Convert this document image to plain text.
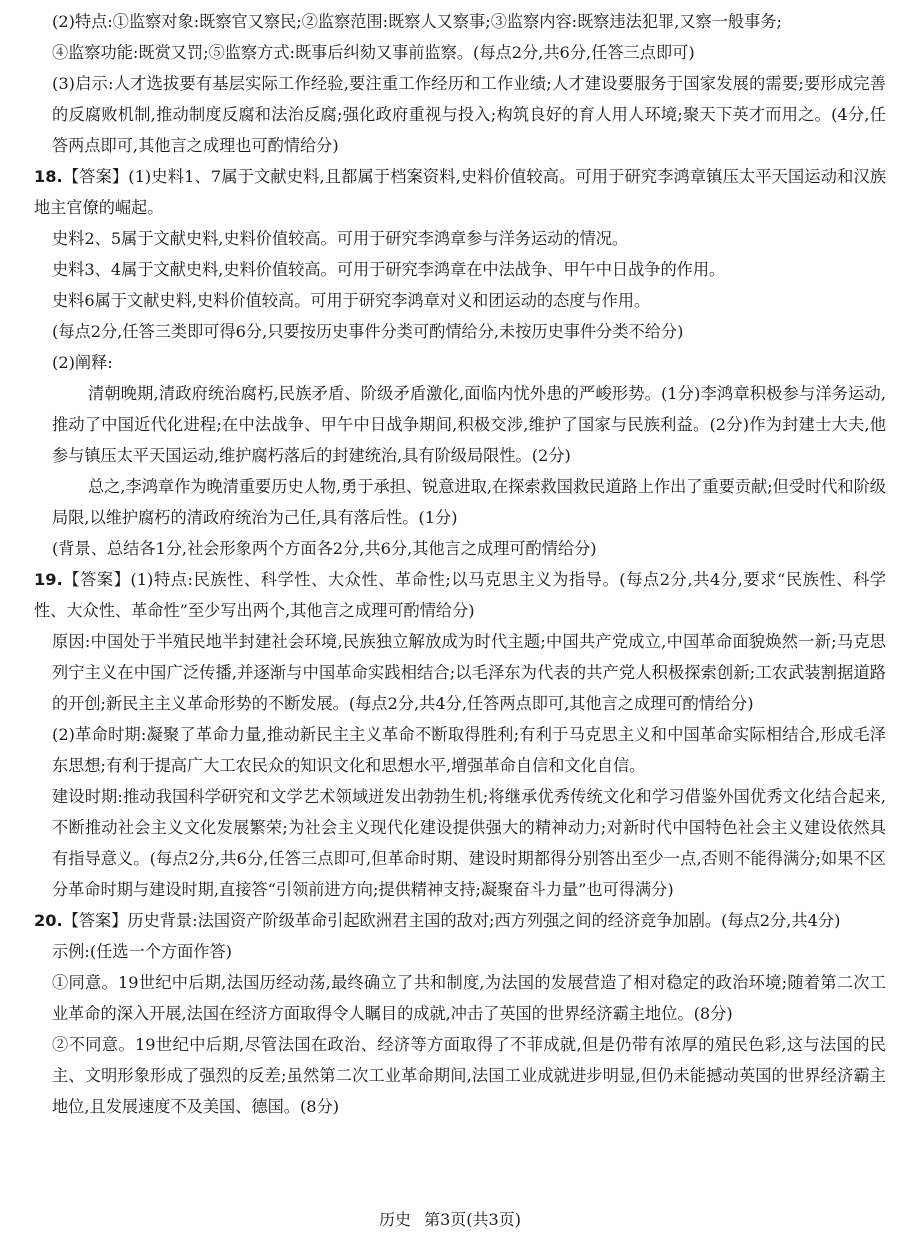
(2)特点:①监察对象:既察官又察民;②监察范围:既察人又察事;③监察内容:既察违法犯罪,又察一般事务;

④监察功能:既赏又罚;⑤监察方式:既事后纠劾又事前监察。(每点2分,共6分,任答三点即可)

(3)启示:人才选拔要有基层实际工作经验,要注重工作经历和工作业绩;人才建设要服务于国家发展的需要;要形成完善的反腐败机制,推动制度反腐和法治反腐;强化政府重视与投入;构筑良好的育人用人环境;聚天下英才而用之。(4分,任答两点即可,其他言之成理也可酌情给分)

18.【答案】(1)史料1、7属于文献史料,且都属于档案资料,史料价值较高。可用于研究李鸿章镇压太平天国运动和汉族地主官僚的崛起。

史料2、5属于文献史料,史料价值较高。可用于研究李鸿章参与洋务运动的情况。

史料3、4属于文献史料,史料价值较高。可用于研究李鸿章在中法战争、甲午中日战争的作用。

史料6属于文献史料,史料价值较高。可用于研究李鸿章对义和团运动的态度与作用。

(每点2分,任答三类即可得6分,只要按历史事件分类可酌情给分,未按历史事件分类不给分)

(2)阐释:

清朝晚期,清政府统治腐朽,民族矛盾、阶级矛盾激化,面临内忧外患的严峻形势。(1分)李鸿章积极参与洋务运动,推动了中国近代化进程;在中法战争、甲午中日战争期间,积极交涉,维护了国家与民族利益。(2分)作为封建士大夫,他参与镇压太平天国运动,维护腐朽落后的封建统治,具有阶级局限性。(2分)

总之,李鸿章作为晚清重要历史人物,勇于承担、锐意进取,在探索救国救民道路上作出了重要贡献;但受时代和阶级局限,以维护腐朽的清政府统治为己任,具有落后性。(1分)

(背景、总结各1分,社会形象两个方面各2分,共6分,其他言之成理可酌情给分)

19.【答案】(1)特点:民族性、科学性、大众性、革命性;以马克思主义为指导。(每点2分,共4分,要求“民族性、科学性、大众性、革命性”至少写出两个,其他言之成理可酌情给分)

原因:中国处于半殖民地半封建社会环境,民族独立解放成为时代主题;中国共产党成立,中国革命面貌焕然一新;马克思列宁主义在中国广泛传播,并逐渐与中国革命实践相结合;以毛泽东为代表的共产党人积极探索创新;工农武装割据道路的开创;新民主主义革命形势的不断发展。(每点2分,共4分,任答两点即可,其他言之成理可酌情给分)

(2)革命时期:凝聚了革命力量,推动新民主主义革命不断取得胜利;有利于马克思主义和中国革命实际相结合,形成毛泽东思想;有利于提高广大工农民众的知识文化和思想水平,增强革命自信和文化自信。

建设时期:推动我国科学研究和文学艺术领域迸发出勃勃生机;将继承优秀传统文化和学习借鉴外国优秀文化结合起来,不断推动社会主义文化发展繁荣;为社会主义现代化建设提供强大的精神动力;对新时代中国特色社会主义建设依然具有指导意义。(每点2分,共6分,任答三点即可,但革命时期、建设时期都得分别答出至少一点,否则不能得满分;如果不区分革命时期与建设时期,直接答“引领前进方向;提供精神支持;凝聚奋斗力量”也可得满分)

20.【答案】历史背景:法国资产阶级革命引起欧洲君主国的敌对;西方列强之间的经济竞争加剧。(每点2分,共4分)

示例:(任选一个方面作答)

①同意。19世纪中后期,法国历经动荡,最终确立了共和制度,为法国的发展营造了相对稳定的政治环境;随着第二次工业革命的深入开展,法国在经济方面取得令人瞩目的成就,冲击了英国的世界经济霸主地位。(8分)

②不同意。19世纪中后期,尽管法国在政治、经济等方面取得了不菲成就,但是仍带有浓厚的殖民色彩,这与法国的民主、文明形象形成了强烈的反差;虽然第二次工业革命期间,法国工业成就进步明显,但仍未能撼动英国的世界经济霸主地位,且发展速度不及美国、德国。(8分)

历史 第3页(共3页)
